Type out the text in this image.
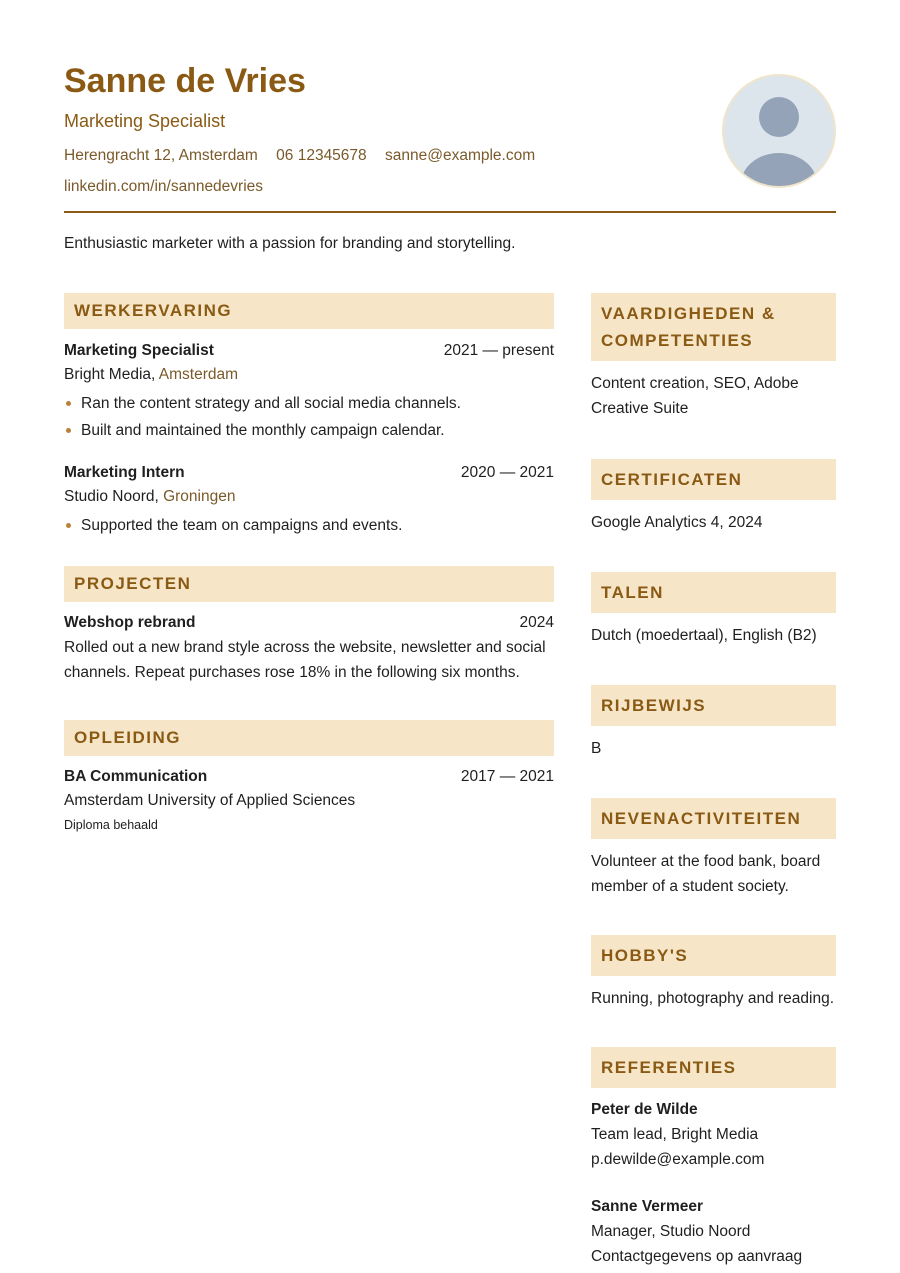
Sanne de Vries
Marketing Specialist
Herengracht 12, Amsterdam 06 12345678 sanne@example.com
linkedin.com/in/sannedevries
Enthusiastic marketer with a passion for branding and storytelling.
WERKERVARING
Marketing Specialist	2021 — present
Bright Media, Amsterdam
Ran the content strategy and all social media channels.
Built and maintained the monthly campaign calendar.
Marketing Intern	2020 — 2021
Studio Noord, Groningen
Supported the team on campaigns and events.
PROJECTEN
Webshop rebrand	2024
Rolled out a new brand style across the website, newsletter and social channels. Repeat purchases rose 18% in the following six months.
OPLEIDING
BA Communication	2017 — 2021
Amsterdam University of Applied Sciences
Diploma behaald
VAARDIGHEDEN & COMPETENTIES
Content creation, SEO, Adobe Creative Suite
CERTIFICATEN
Google Analytics 4, 2024
TALEN
Dutch (moedertaal), English (B2)
RIJBEWIJS
B
NEVENACTIVITEITEN
Volunteer at the food bank, board member of a student society.
HOBBY'S
Running, photography and reading.
REFERENTIES
Peter de Wilde
Team lead, Bright Media
p.dewilde@example.com
Sanne Vermeer
Manager, Studio Noord
Contactgegevens op aanvraag
